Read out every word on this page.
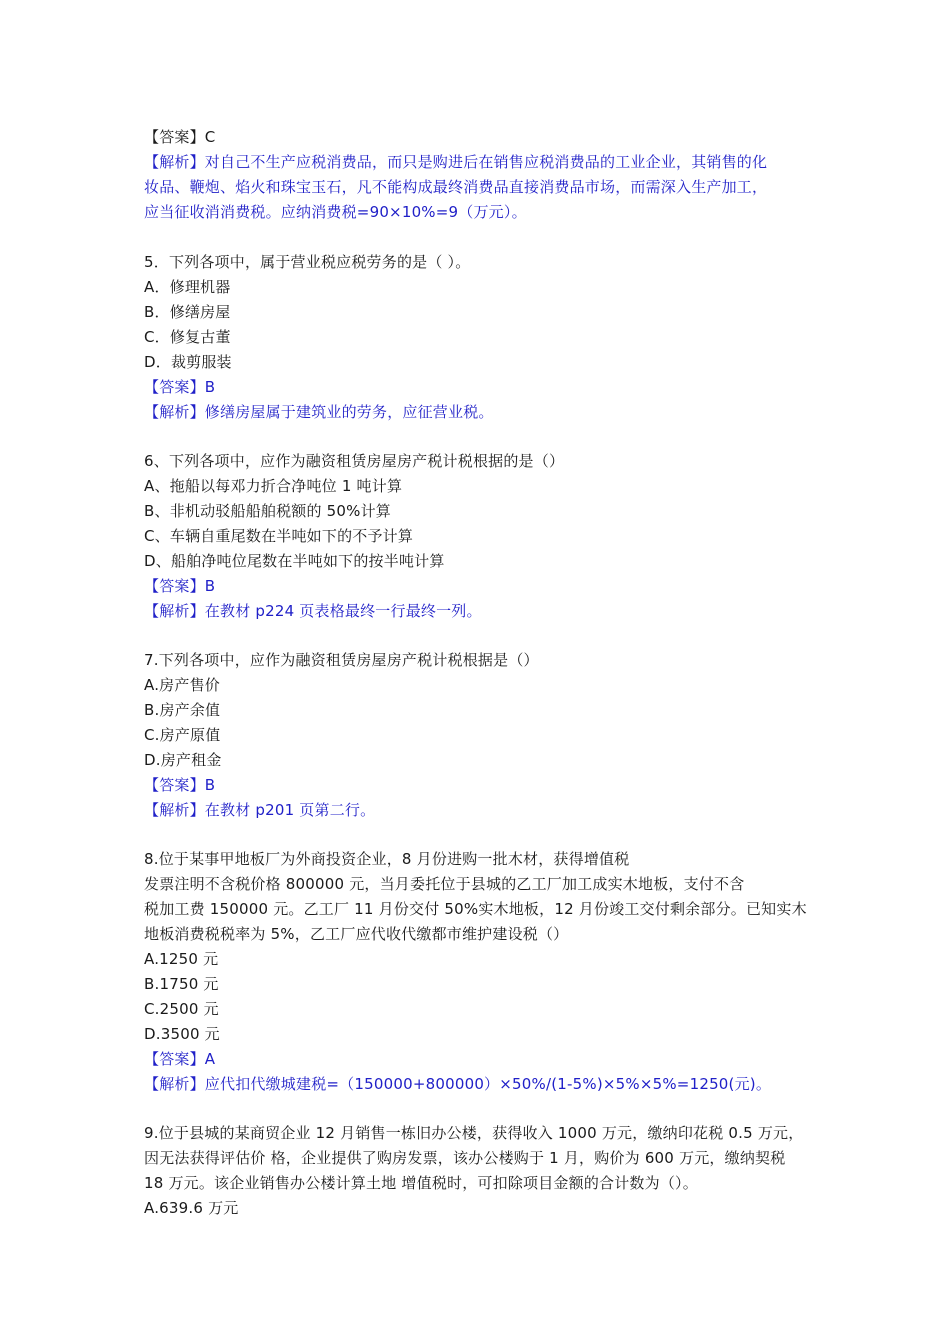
【答案】C
【解析】对自己不生产应税消费品，而只是购进后在销售应税消费品的工业企业，其销售的化
妆品、鞭炮、焰火和珠宝玉石，凡不能构成最终消费品直接消费品市场，而需深入生产加工，
应当征收消消费税。应纳消费税=90×10%=9（万元）。
5．下列各项中，属于营业税应税劳务的是（ ）。
A．修理机器
B．修缮房屋
C．修复古董
D．裁剪服装
【答案】B
【解析】修缮房屋属于建筑业的劳务，应征营业税。
6、下列各项中，应作为融资租赁房屋房产税计税根据的是（）
A、拖船以每邓力折合净吨位 1 吨计算
B、非机动驳船船舶税额的 50%计算
C、车辆自重尾数在半吨如下的不予计算
D、船舶净吨位尾数在半吨如下的按半吨计算
【答案】B
【解析】在教材 p224 页表格最终一行最终一列。
7.下列各项中，应作为融资租赁房屋房产税计税根据是（）
A.房产售价
B.房产余值
C.房产原值
D.房产租金
【答案】B
【解析】在教材 p201 页第二行。
8.位于某事甲地板厂为外商投资企业，8 月份进购一批木材，获得增值税
发票注明不含税价格 800000 元，当月委托位于县城的乙工厂加工成实木地板，支付不含
税加工费 150000 元。乙工厂 11 月份交付 50%实木地板，12 月份竣工交付剩余部分。已知实木
地板消费税税率为 5%，乙工厂应代收代缴都市维护建设税（）
A.1250 元
B.1750 元
C.2500 元
D.3500 元
【答案】A
【解析】应代扣代缴城建税=（150000+800000）×50%/(1-5%)×5%×5%=1250(元)。
9.位于县城的某商贸企业 12 月销售一栋旧办公楼，获得收入 1000 万元，缴纳印花税 0.5 万元，
因无法获得评估价 格，企业提供了购房发票，该办公楼购于 1 月，购价为 600 万元，缴纳契税
18 万元。该企业销售办公楼计算土地 增值税时，可扣除项目金额的合计数为（）。
A.639.6 万元
